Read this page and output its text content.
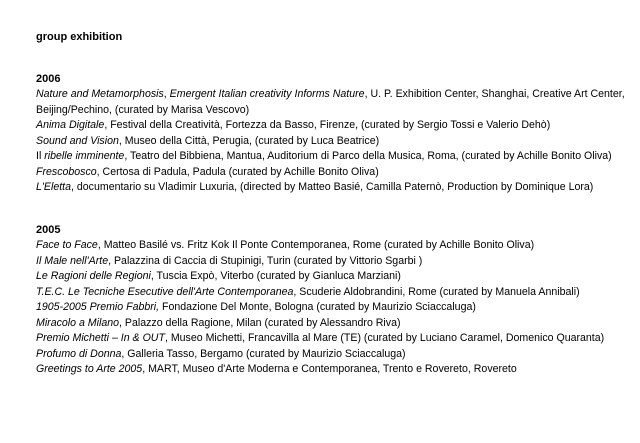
group exhibition
2006
Nature and Metamorphosis, Emergent Italian creativity Informs Nature, U. P. Exhibition Center, Shanghai, Creative Art Center, Beijing/Pechino, (curated by Marisa Vescovo)
Anima Digitale, Festival della Creatività, Fortezza da Basso, Firenze, (curated by Sergio Tossi e Valerio Dehò)
Sound and Vision, Museo della Città, Perugia, (curated by Luca Beatrice)
Il ribelle imminente, Teatro del Bibbiena, Mantua, Auditorium di Parco della Musica, Roma, (curated by Achille Bonito Oliva)
Frescobosco, Certosa di Padula, Padula (curated by Achille Bonito Oliva)
L'Eletta, documentario su Vladimir Luxuria, (directed by Matteo Basié, Camilla Paternò, Production by Dominique Lora)
2005
Face to Face, Matteo Basilé vs. Fritz Kok Il Ponte Contemporanea, Rome (curated by Achille Bonito Oliva)
Il Male nell'Arte, Palazzina di Caccia di Stupinigi, Turin (curated by Vittorio Sgarbi )
Le Ragioni delle Regioni, Tuscia Expò, Viterbo (curated by Gianluca Marziani)
T.E.C. Le Tecniche Esecutive dell'Arte Contemporanea, Scuderie Aldobrandini, Rome (curated by Manuela Annibali)
1905-2005 Premio Fabbri, Fondazione Del Monte, Bologna (curated by Maurizio Sciaccaluga)
Miracolo a Milano, Palazzo della Ragione, Milan (curated by Alessandro Riva)
Premio Michetti – In & OUT, Museo Michetti, Francavilla al Mare (TE) (curated by Luciano Caramel, Domenico Quaranta)
Profumo di Donna, Galleria Tasso, Bergamo (curated by Maurizio Sciaccaluga)
Greetings to Arte 2005, MART, Museo d'Arte Moderna e Contemporanea, Trento e Rovereto, Rovereto
